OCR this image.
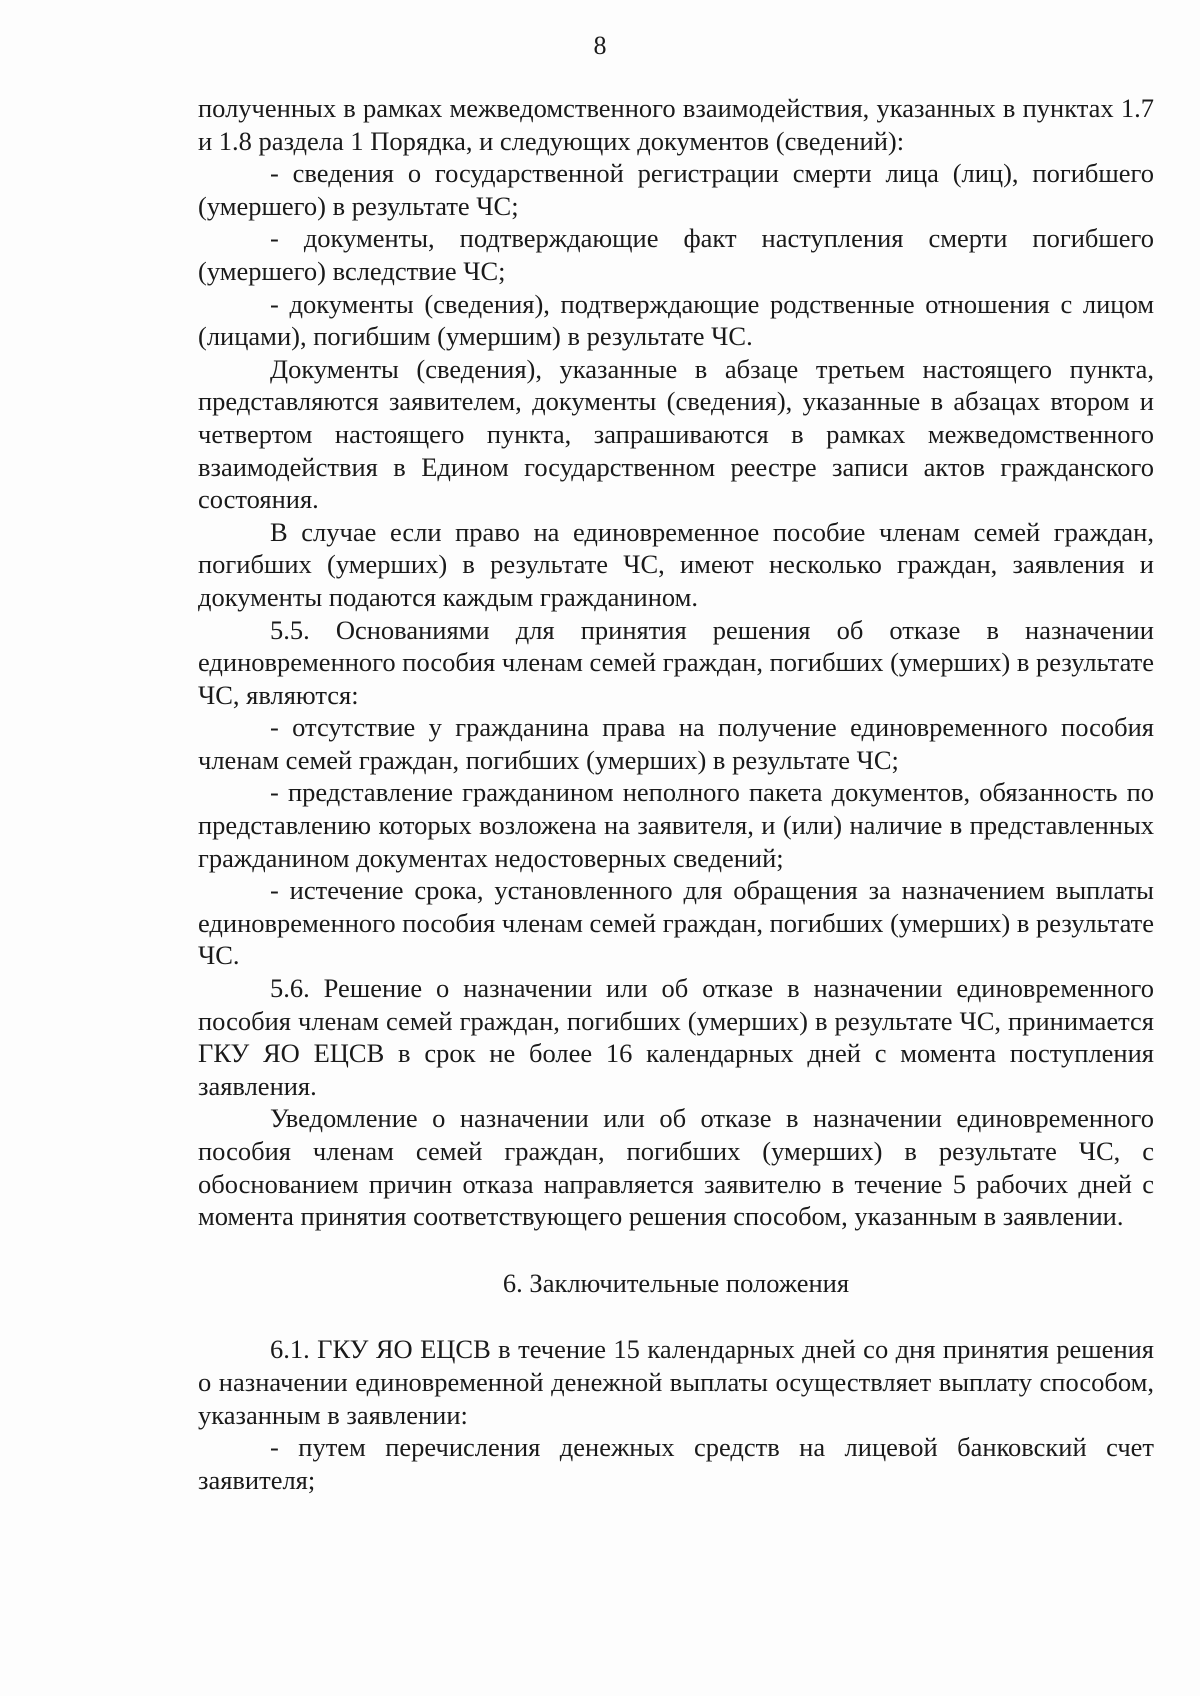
8

полученных в рамках межведомственного взаимодействия, указанных в пунктах 1.7 и 1.8 раздела 1 Порядка, и следующих документов (сведений):

- сведения о государственной регистрации смерти лица (лиц), погибшего (умершего) в результате ЧС;

- документы, подтверждающие факт наступления смерти погибшего (умершего) вследствие ЧС;

- документы (сведения), подтверждающие родственные отношения с лицом (лицами), погибшим (умершим) в результате ЧС.

Документы (сведения), указанные в абзаце третьем настоящего пункта, представляются заявителем, документы (сведения), указанные в абзацах втором и четвертом настоящего пункта, запрашиваются в рамках межведомственного взаимодействия в Едином государственном реестре записи актов гражданского состояния.

В случае если право на единовременное пособие членам семей граждан, погибших (умерших) в результате ЧС, имеют несколько граждан, заявления и документы подаются каждым гражданином.

5.5. Основаниями для принятия решения об отказе в назначении единовременного пособия членам семей граждан, погибших (умерших) в результате ЧС, являются:

- отсутствие у гражданина права на получение единовременного пособия членам семей граждан, погибших (умерших) в результате ЧС;

- представление гражданином неполного пакета документов, обязанность по представлению которых возложена на заявителя, и (или) наличие в представленных гражданином документах недостоверных сведений;

- истечение срока, установленного для обращения за назначением выплаты единовременного пособия членам семей граждан, погибших (умерших) в результате ЧС.

5.6. Решение о назначении или об отказе в назначении единовременного пособия членам семей граждан, погибших (умерших) в результате ЧС, принимается ГКУ ЯО ЕЦСВ в срок не более 16 календарных дней с момента поступления заявления.

Уведомление о назначении или об отказе в назначении единовременного пособия членам семей граждан, погибших (умерших) в результате ЧС, с обоснованием причин отказа направляется заявителю в течение 5 рабочих дней с момента принятия соответствующего решения способом, указанным в заявлении.

6. Заключительные положения

6.1. ГКУ ЯО ЕЦСВ в течение 15 календарных дней со дня принятия решения о назначении единовременной денежной выплаты осуществляет выплату способом, указанным в заявлении:

- путем перечисления денежных средств на лицевой банковский счет заявителя;
